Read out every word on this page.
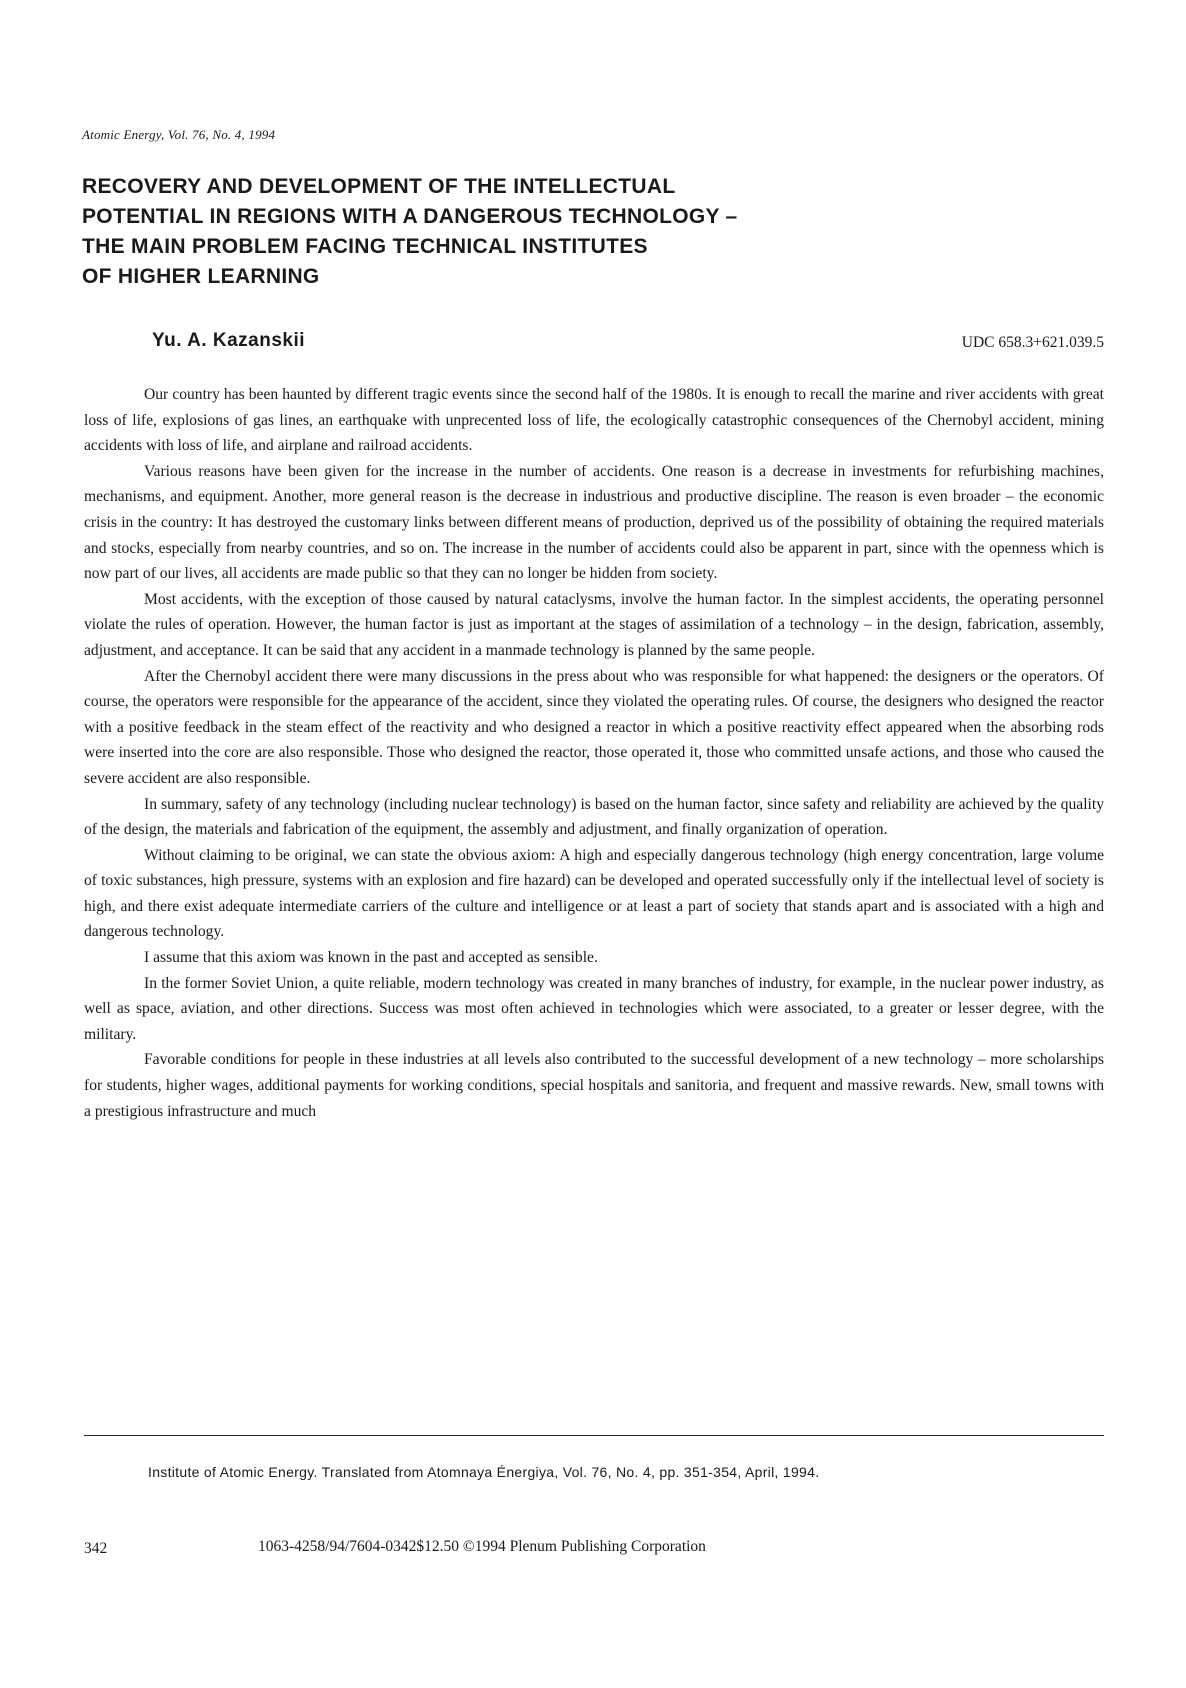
Atomic Energy, Vol. 76, No. 4, 1994
RECOVERY AND DEVELOPMENT OF THE INTELLECTUAL
POTENTIAL IN REGIONS WITH A DANGEROUS TECHNOLOGY –
THE MAIN PROBLEM FACING TECHNICAL INSTITUTES
OF HIGHER LEARNING
Yu. A. Kazanskii	UDC 658.3+621.039.5

Our country has been haunted by different tragic events since the second half of the 1980s. It is enough to recall the marine and river accidents with great loss of life, explosions of gas lines, an earthquake with unprecented loss of life, the ecologically catastrophic consequences of the Chernobyl accident, mining accidents with loss of life, and airplane and railroad accidents.

Various reasons have been given for the increase in the number of accidents. One reason is a decrease in investments for refurbishing machines, mechanisms, and equipment. Another, more general reason is the decrease in industrious and productive discipline. The reason is even broader – the economic crisis in the country: It has destroyed the customary links between different means of production, deprived us of the possibility of obtaining the required materials and stocks, especially from nearby countries, and so on. The increase in the number of accidents could also be apparent in part, since with the openness which is now part of our lives, all accidents are made public so that they can no longer be hidden from society.

Most accidents, with the exception of those caused by natural cataclysms, involve the human factor. In the simplest accidents, the operating personnel violate the rules of operation. However, the human factor is just as important at the stages of assimilation of a technology – in the design, fabrication, assembly, adjustment, and acceptance. It can be said that any accident in a manmade technology is planned by the same people.

After the Chernobyl accident there were many discussions in the press about who was responsible for what happened: the designers or the operators. Of course, the operators were responsible for the appearance of the accident, since they violated the operating rules. Of course, the designers who designed the reactor with a positive feedback in the steam effect of the reactivity and who designed a reactor in which a positive reactivity effect appeared when the absorbing rods were inserted into the core are also responsible. Those who designed the reactor, those operated it, those who committed unsafe actions, and those who caused the severe accident are also responsible.

In summary, safety of any technology (including nuclear technology) is based on the human factor, since safety and reliability are achieved by the quality of the design, the materials and fabrication of the equipment, the assembly and adjustment, and finally organization of operation.

Without claiming to be original, we can state the obvious axiom: A high and especially dangerous technology (high energy concentration, large volume of toxic substances, high pressure, systems with an explosion and fire hazard) can be developed and operated successfully only if the intellectual level of society is high, and there exist adequate intermediate carriers of the culture and intelligence or at least a part of society that stands apart and is associated with a high and dangerous technology.

I assume that this axiom was known in the past and accepted as sensible.

In the former Soviet Union, a quite reliable, modern technology was created in many branches of industry, for example, in the nuclear power industry, as well as space, aviation, and other directions. Success was most often achieved in technologies which were associated, to a greater or lesser degree, with the military.

Favorable conditions for people in these industries at all levels also contributed to the successful development of a new technology – more scholarships for students, higher wages, additional payments for working conditions, special hospitals and sanitoria, and frequent and massive rewards. New, small towns with a prestigious infrastructure and much

Institute of Atomic Energy. Translated from Atomnaya Énergiya, Vol. 76, No. 4, pp. 351-354, April, 1994.
342	1063-4258/94/7604-0342$12.50 ©1994 Plenum Publishing Corporation
